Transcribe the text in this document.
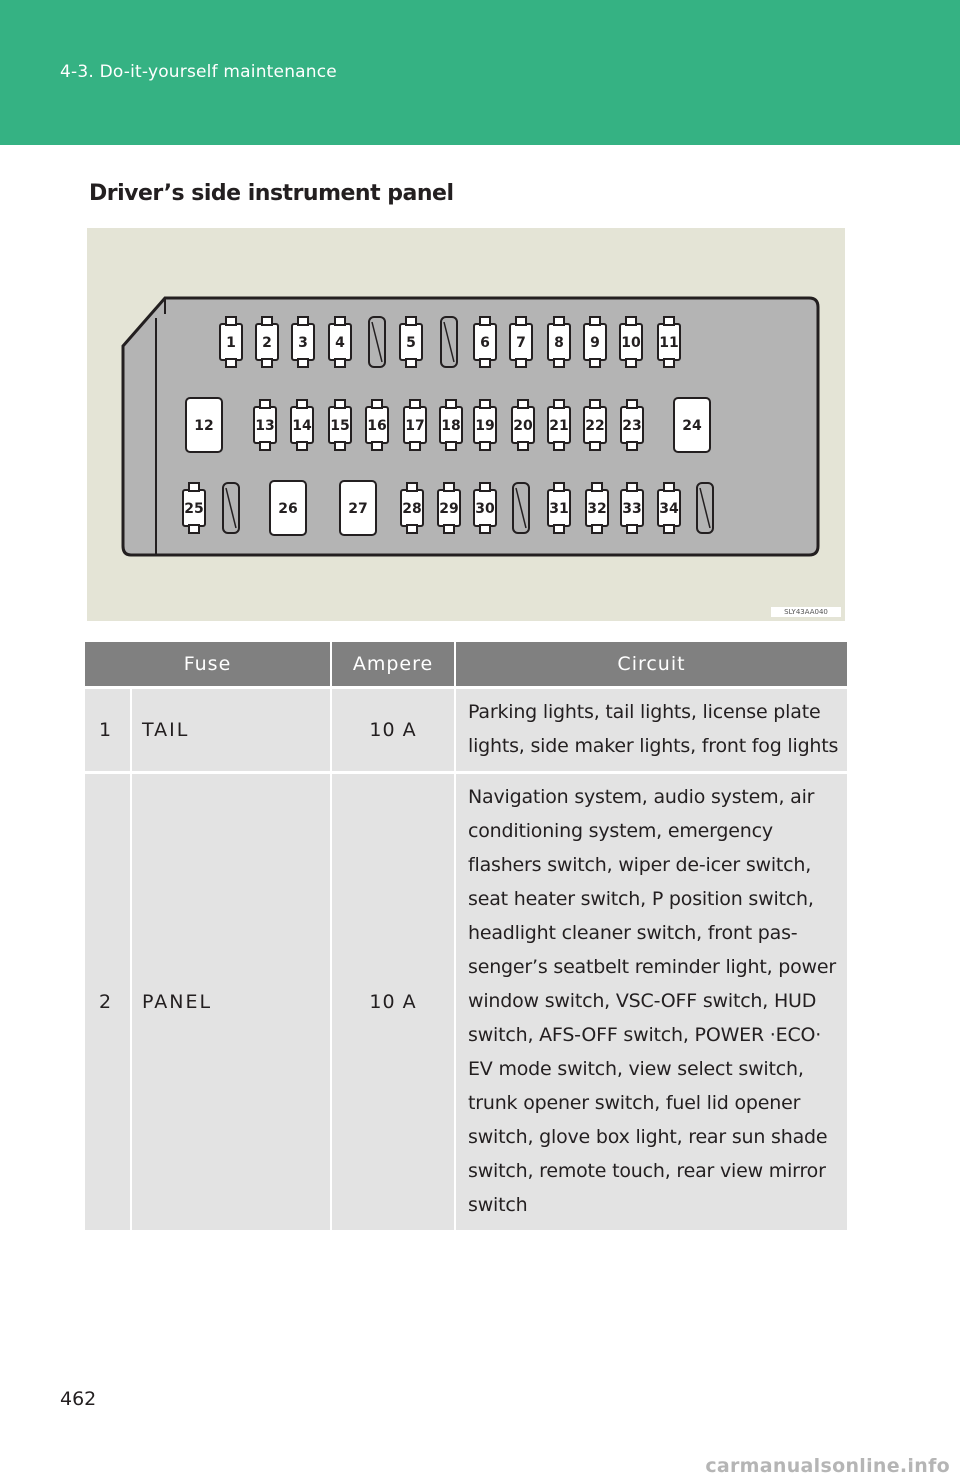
4-3. Do-it-yourself maintenance
Driver’s side instrument panel
1 2 3 4	5	6 7 8 9 10 11
12	13 14 15 16 17 18 19 20 21 22 23	24
25	26	27 28 29 30	31 32 33 34
SLY43AA040
Fuse		Ampere	Circuit
1	TAIL	10 A	Parking lights, tail lights, license plate lights, side maker lights, front fog lights
2	PANEL	10 A	Navigation system, audio system, air conditioning system, emergency flashers switch, wiper de-icer switch, seat heater switch, P position switch, headlight cleaner switch, front pas-senger’s seatbelt reminder light, power window switch, VSC-OFF switch, HUD switch, AFS-OFF switch, POWER ·ECO· EV mode switch, view select switch, trunk opener switch, fuel lid opener switch, glove box light, rear sun shade switch, remote touch, rear view mirror switch
462
carmanualsonline.info
